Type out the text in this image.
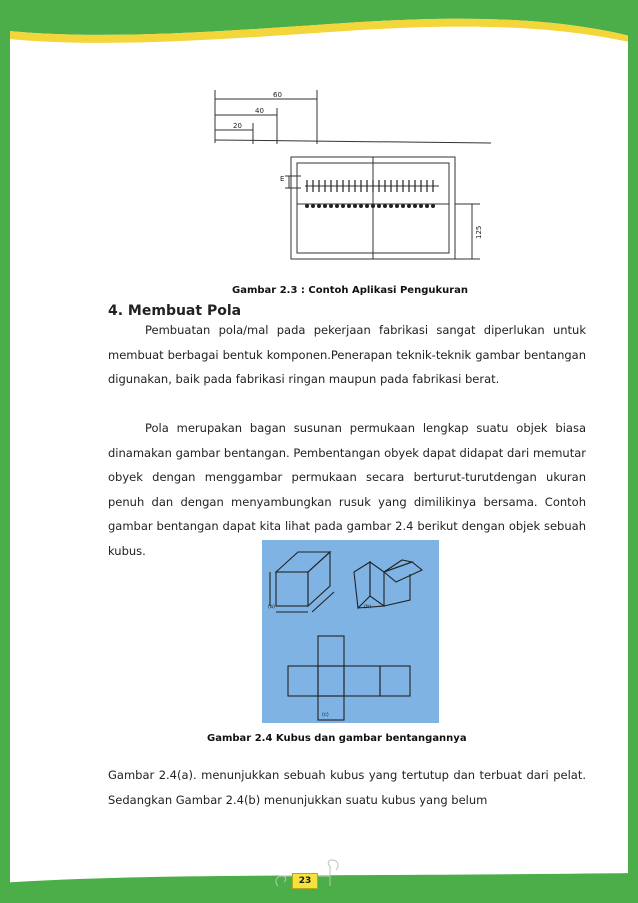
60
40
20
E
125
Gambar 2.3 : Contoh Aplikasi Pengukuran
4. Membuat Pola
Pembuatan pola/mal pada pekerjaan fabrikasi sangat diperlukan untuk membuat berbagai bentuk komponen.Penerapan teknik-teknik gambar bentangan digunakan, baik pada fabrikasi ringan maupun pada fabrikasi berat.
Pola merupakan bagan susunan permukaan lengkap suatu objek biasa dinamakan gambar bentangan. Pembentangan obyek dapat didapat dari memutar obyek dengan menggambar permukaan secara berturut-turutdengan ukuran penuh dan dengan menyambungkan rusuk yang dimilikinya bersama. Contoh gambar bentangan dapat kita lihat pada gambar 2.4 berikut dengan objek sebuah kubus.
(a)	(b)
(c)
Gambar 2.4 Kubus dan gambar bentangannya
Gambar 2.4(a). menunjukkan sebuah kubus yang tertutup dan terbuat dari pelat. Sedangkan Gambar 2.4(b) menunjukkan suatu kubus yang belum
23
